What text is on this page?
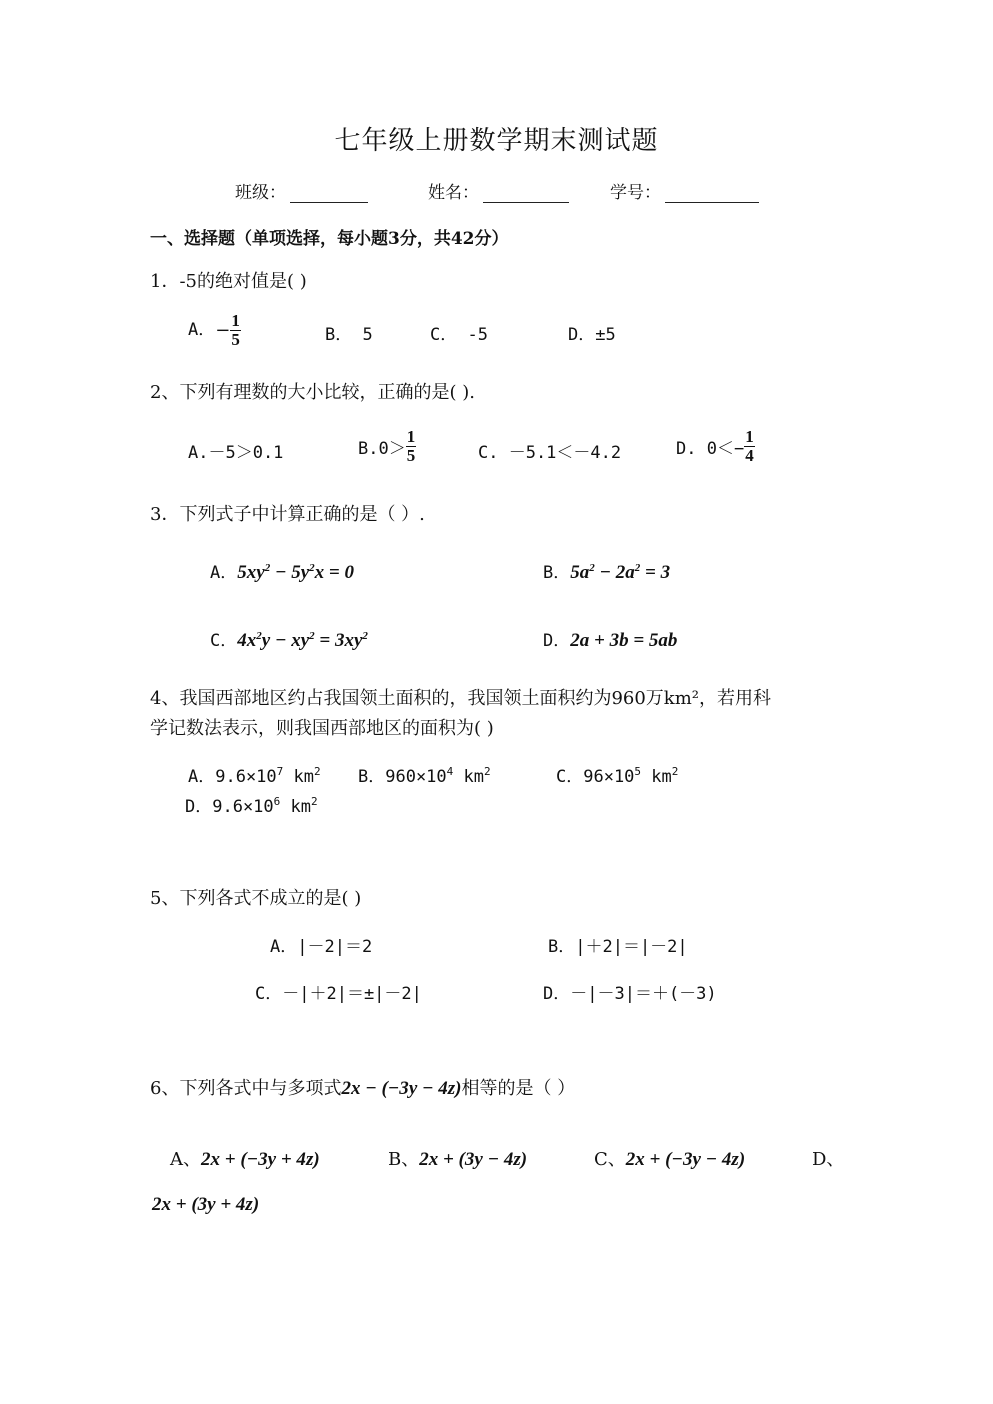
七年级上册数学期末测试题
班级：	姓名：	学号：
一、选择题（单项选择，每小题3分，共42分）
1．-5的绝对值是( )
A．− $\frac{1}{5}$	B． 5	C． -5	D．±5
2、下列有理数的大小比较，正确的是( ).
A.－5＞0.1	$B.0> \frac{1}{5}$	C. －5.1＜－4.2	D. $0<- \frac{1}{4}$
3．下列式子中计算正确的是（ ）.
A．$5xy^2 - 5y^2x = 0$	B．$5a^2 - 2a^2 = 3$
C．$4x^2y - xy^2 = 3xy^2$	D．2a + 3b = 5ab
4、我国西部地区约占我国领土面积的，我国领土面积约为960万km²，若用科
学记数法表示，则我国西部地区的面积为( )
A．$9.6\times 10^7$ $km^2$ B．$960\times 10^4$ $km^2$	C．$96\times 10^5$ $km^2$
D．$9.6\times 10^6$ $km^2$
5、下列各式不成立的是( )
A．|－2|＝2	B．|＋2|＝|－2|
C．－|＋2|＝±|－2|	D．－|－3|＝＋(－3)
6、下列各式中与多项式2x − (−3y − 4z)相等的是（ ）
A、2x + (−3y + 4z)	B、2x + (3y − 4z)	C、2x + (−3y − 4z)	D、
2x + (3y + 4z)
